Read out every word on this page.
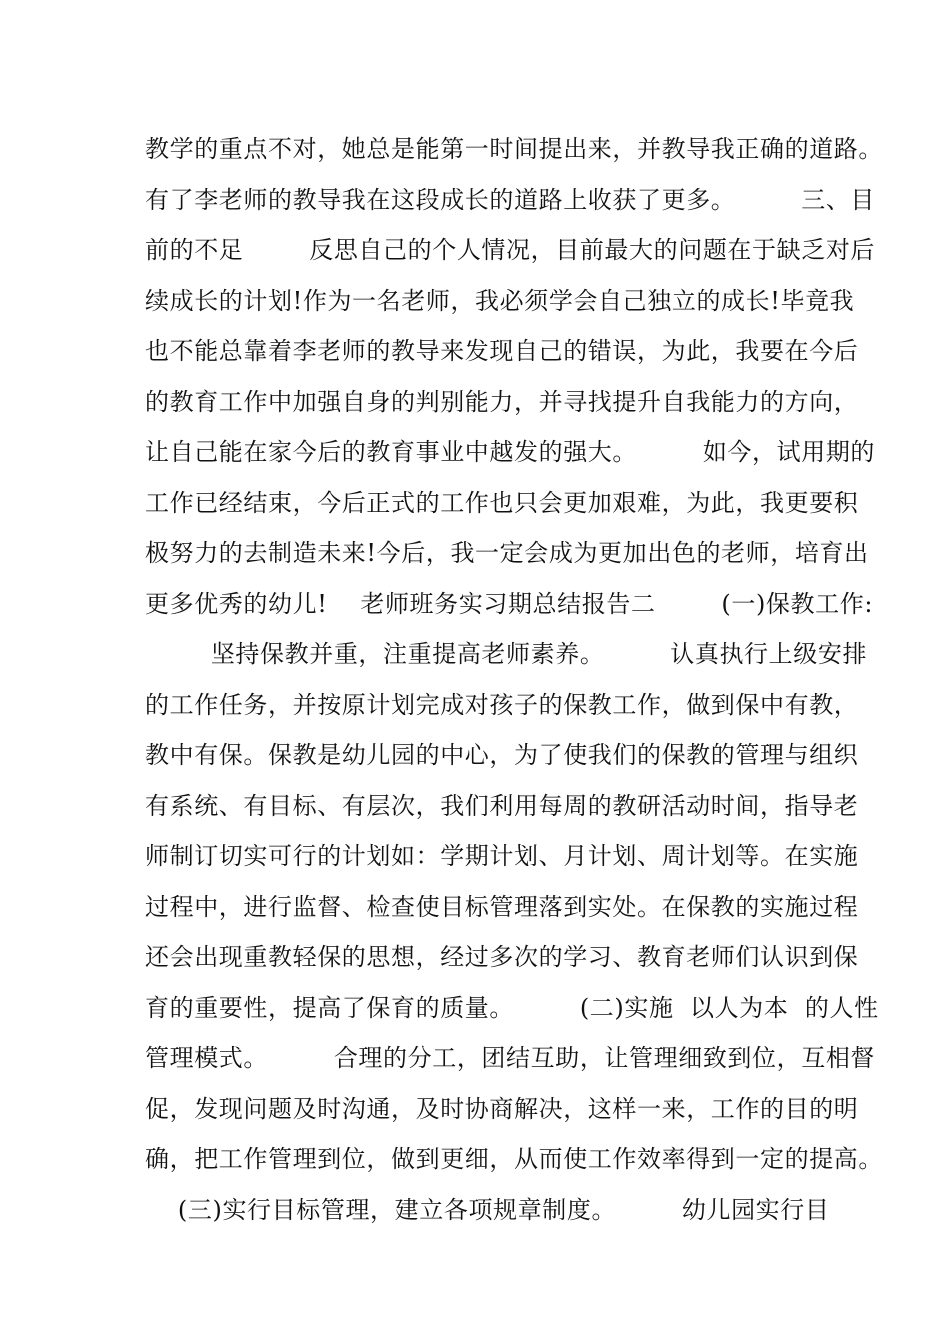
教学的重点不对，她总是能第一时间提出来，并教导我正确的道路。
有了李老师的教导我在这段成长的道路上收获了更多。        三、目
前的不足        反思自己的个人情况，目前最大的问题在于缺乏对后
续成长的计划!作为一名老师，我必须学会自己独立的成长!毕竟我
也不能总靠着李老师的教导来发现自己的错误，为此，我要在今后
的教育工作中加强自身的判别能力，并寻找提升自我能力的方向，
让自己能在家今后的教育事业中越发的强大。        如今，试用期的
工作已经结束，今后正式的工作也只会更加艰难，为此，我更要积
极努力的去制造未来!今后，我一定会成为更加出色的老师，培育出
更多优秀的幼儿!    老师班务实习期总结报告二        (一)保教工作:
坚持保教并重，注重提高老师素养。        认真执行上级安排
的工作任务，并按原计划完成对孩子的保教工作，做到保中有教，
教中有保。保教是幼儿园的中心，为了使我们的保教的管理与组织
有系统、有目标、有层次，我们利用每周的教研活动时间，指导老
师制订切实可行的计划如：学期计划、月计划、周计划等。在实施
过程中，进行监督、检查使目标管理落到实处。在保教的实施过程
还会出现重教轻保的思想，经过多次的学习、教育老师们认识到保
育的重要性，提高了保育的质量。        (二)实施  以人为本  的人性
管理模式。        合理的分工，团结互助，让管理细致到位，互相督
促，发现问题及时沟通，及时协商解决，这样一来，工作的目的明
确，把工作管理到位，做到更细，从而使工作效率得到一定的提高。
(三)实行目标管理，建立各项规章制度。        幼儿园实行目
